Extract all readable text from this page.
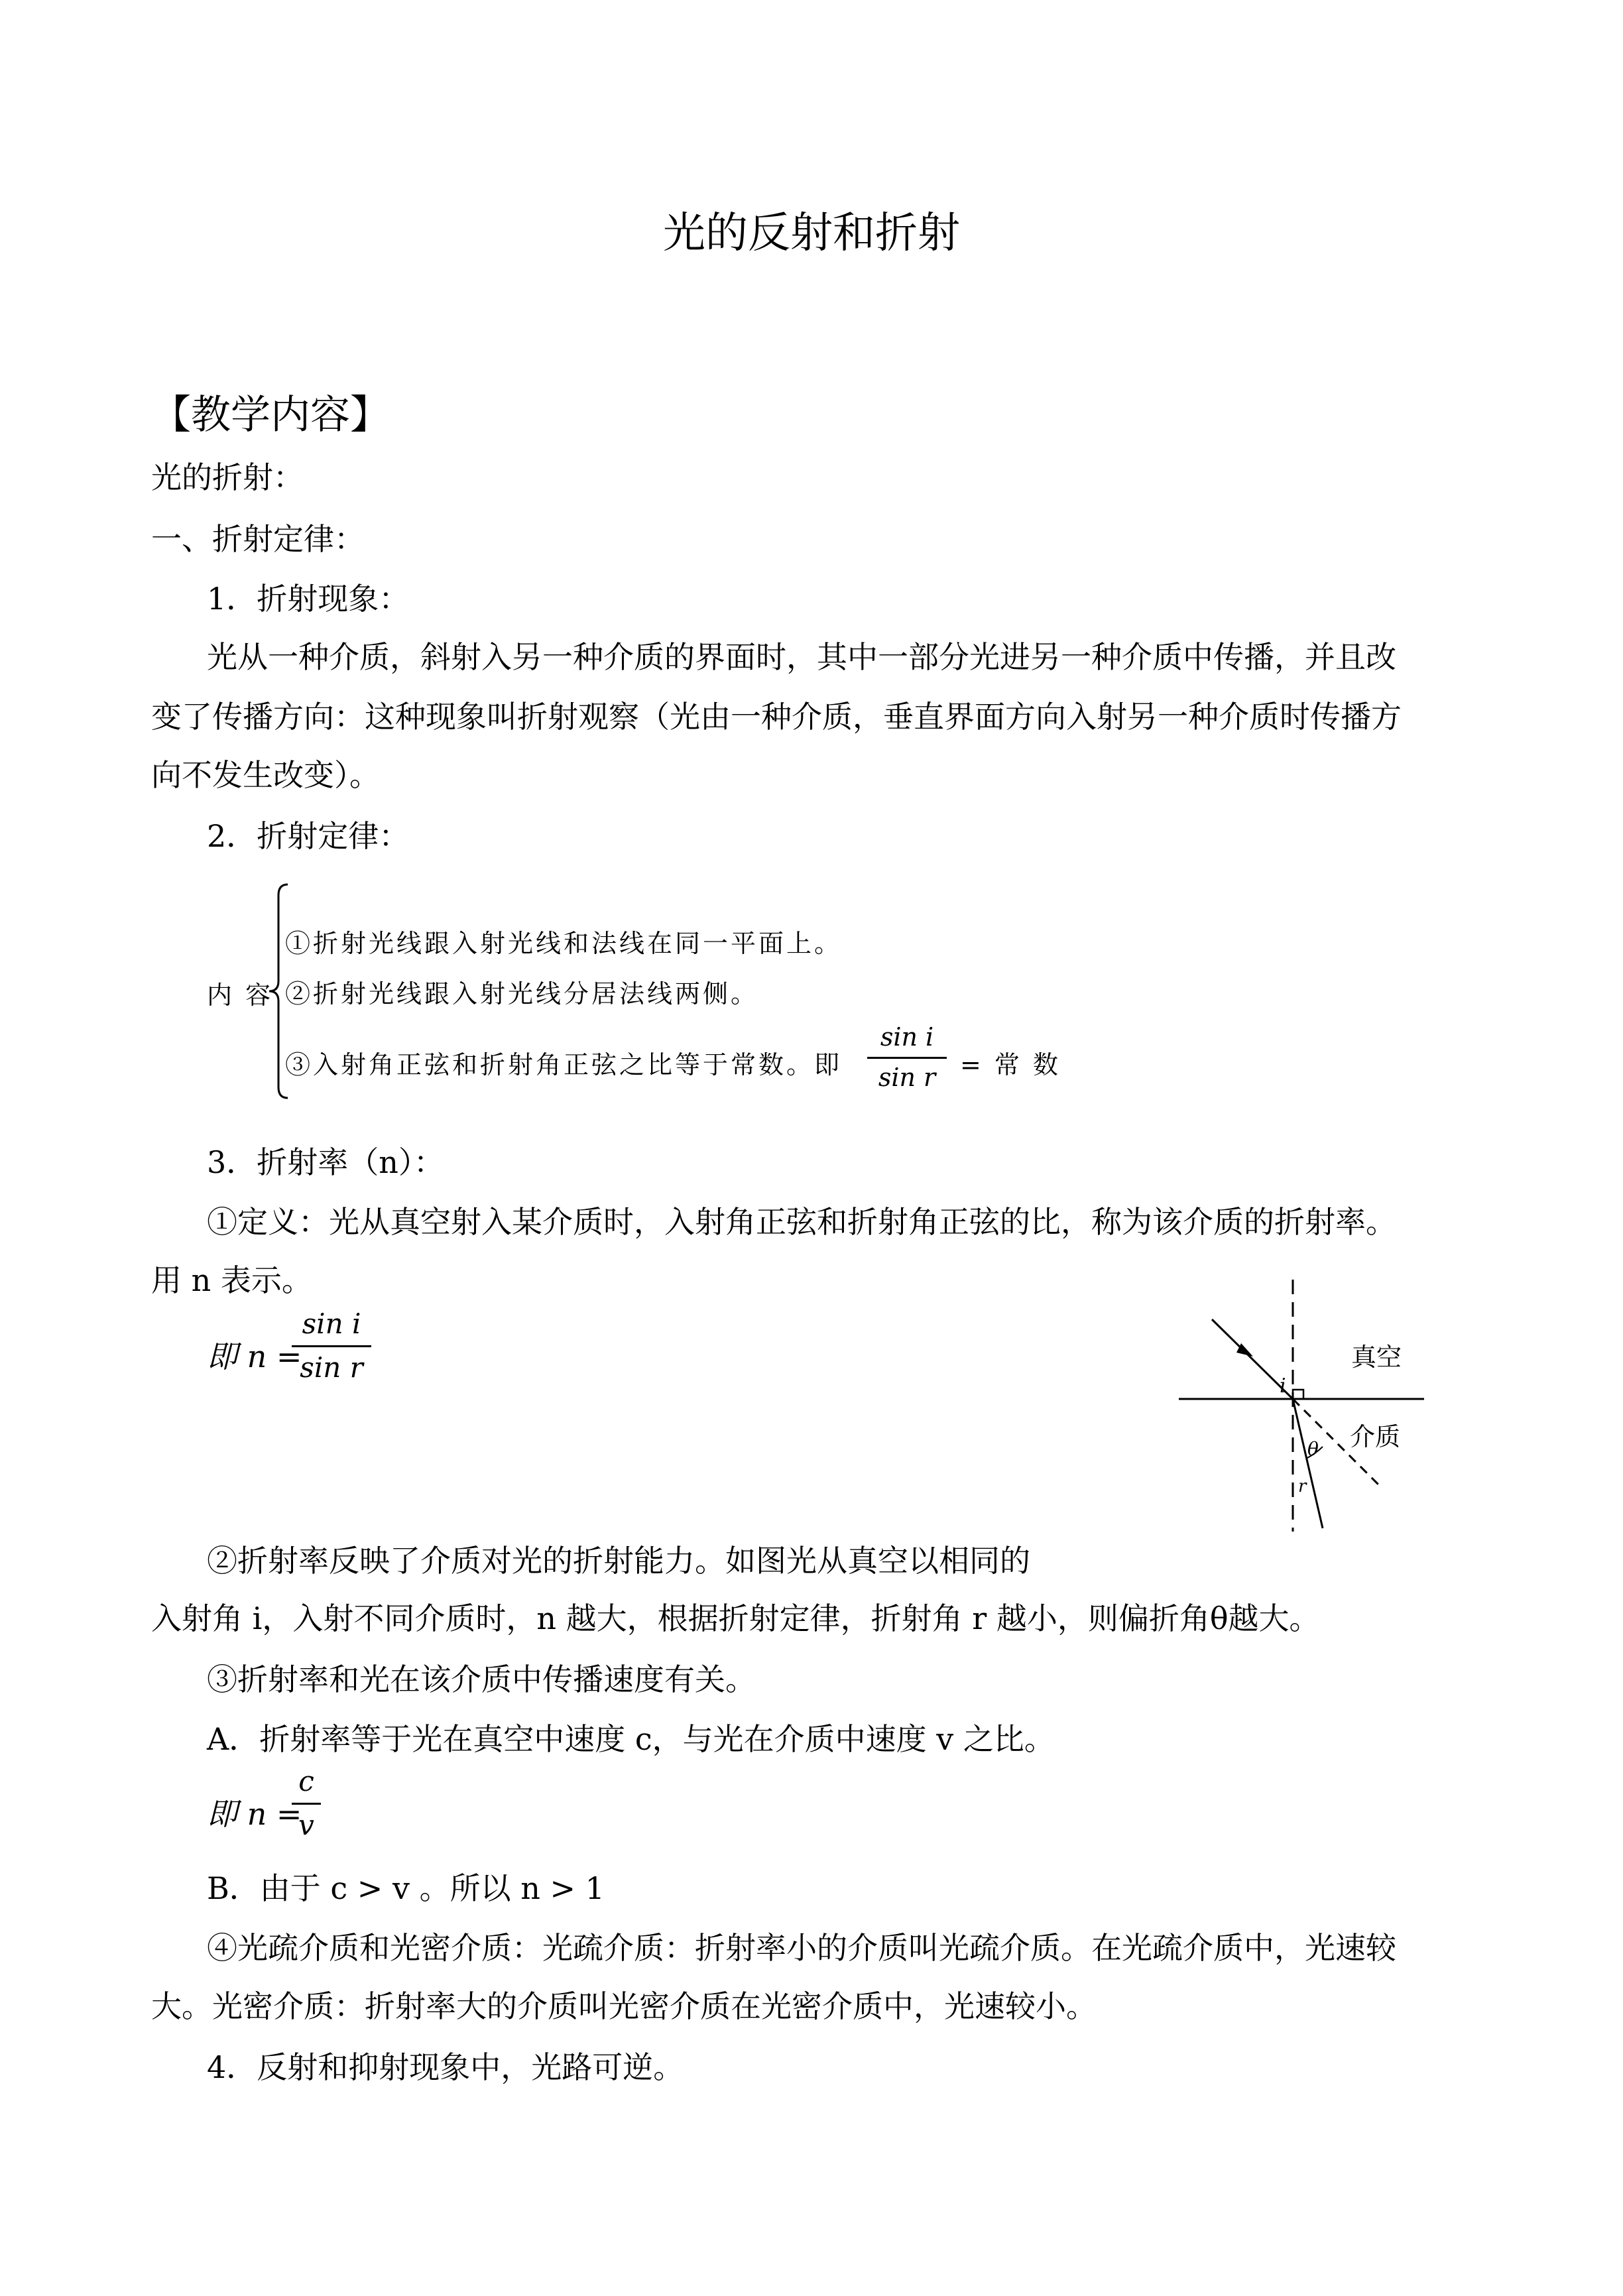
光的反射和折射
【教学内容】
光的折射：
一、折射定律：
1．折射现象：
光从一种介质，斜射入另一种介质的界面时，其中一部分光进另一种介质中传播，并且改
变了传播方向：这种现象叫折射观察（光由一种介质，垂直界面方向入射另一种介质时传播方
向不发生改变）。
2．折射定律：
内 容
①折射光线跟入射光线和法线在同一平面上。
②折射光线跟入射光线分居法线两侧。
③入射角正弦和折射角正弦之比等于常数。即
sin i
sin r = 常 数
3．折射率（n）：
①定义：光从真空射入某介质时，入射角正弦和折射角正弦的比，称为该介质的折射率。
用 n 表示。
即 n =
sin i
sin r
i
θ
r
真空
介质
②折射率反映了介质对光的折射能力。如图光从真空以相同的
入射角 i，入射不同介质时，n 越大，根据折射定律，折射角 r 越小，则偏折角θ越大。
③折射率和光在该介质中传播速度有关。
A．折射率等于光在真空中速度 c，与光在介质中速度 v 之比。
即 n =
c
v
B．由于 c > v 。所以 n > 1
④光疏介质和光密介质：光疏介质：折射率小的介质叫光疏介质。在光疏介质中，光速较
大。光密介质：折射率大的介质叫光密介质在光密介质中，光速较小。
4．反射和抑射现象中，光路可逆。
